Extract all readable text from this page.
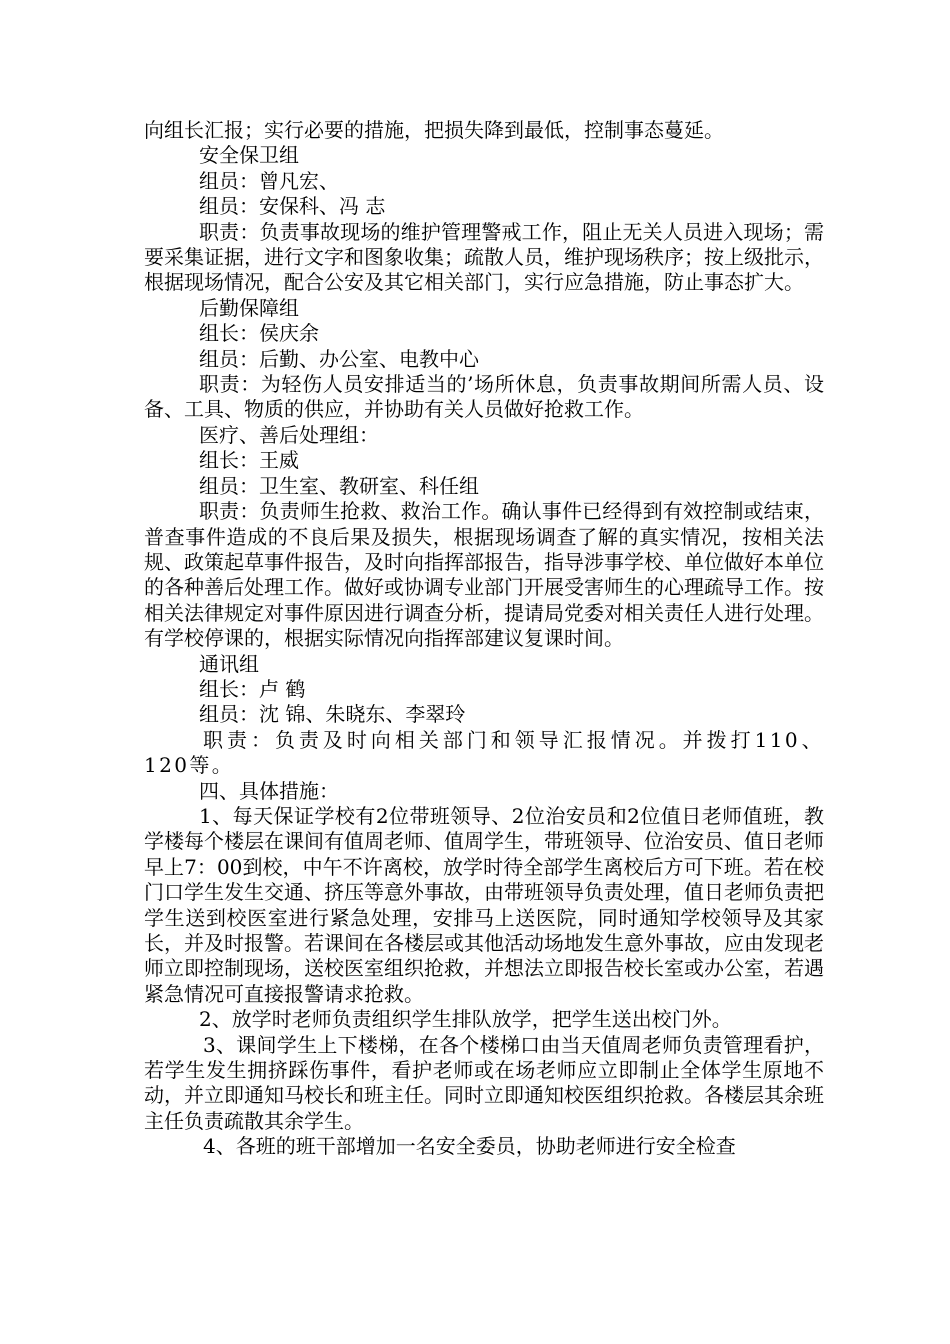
向组长汇报；实行必要的措施，把损失降到最低，控制事态蔓延。

安全保卫组

组员：曾凡宏、

组员：安保科、冯 志

职责：负责事故现场的维护管理警戒工作，阻止无关人员进入现场；需要采集证据，进行文字和图象收集；疏散人员，维护现场秩序；按上级批示，根据现场情况，配合公安及其它相关部门，实行应急措施，防止事态扩大。

后勤保障组

组长：侯庆余

组员：后勤、办公室、电教中心

职责：为轻伤人员安排适当的’场所休息，负责事故期间所需人员、设备、工具、物质的供应，并协助有关人员做好抢救工作。

医疗、善后处理组：

组长：王威

组员：卫生室、教研室、科任组

职责：负责师生抢救、救治工作。确认事件已经得到有效控制或结束，普查事件造成的不良后果及损失，根据现场调查了解的真实情况，按相关法规、政策起草事件报告，及时向指挥部报告，指导涉事学校、单位做好本单位的各种善后处理工作。做好或协调专业部门开展受害师生的心理疏导工作。按相关法律规定对事件原因进行调查分析，提请局党委对相关责任人进行处理。有学校停课的，根据实际情况向指挥部建议复课时间。

通讯组

组长：卢 鹤

组员：沈 锦、朱晓东、李翠玲

职责：负责及时向相关部门和领导汇报情况。并拨打110、120等。

四、具体措施：

1、每天保证学校有2位带班领导、2位治安员和2位值日老师值班，教学楼每个楼层在课间有值周老师、值周学生，带班领导、位治安员、值日老师早上7：00到校，中午不许离校，放学时待全部学生离校后方可下班。若在校门口学生发生交通、挤压等意外事故，由带班领导负责处理，值日老师负责把学生送到校医室进行紧急处理，安排马上送医院，同时通知学校领导及其家长，并及时报警。若课间在各楼层或其他活动场地发生意外事故，应由发现老师立即控制现场，送校医室组织抢救，并想法立即报告校长室或办公室，若遇紧急情况可直接报警请求抢救。

2、放学时老师负责组织学生排队放学，把学生送出校门外。

3、课间学生上下楼梯，在各个楼梯口由当天值周老师负责管理看护，若学生发生拥挤踩伤事件，看护老师或在场老师应立即制止全体学生原地不动，并立即通知马校长和班主任。同时立即通知校医组织抢救。各楼层其余班主任负责疏散其余学生。

4、各班的班干部增加一名安全委员，协助老师进行安全检查
